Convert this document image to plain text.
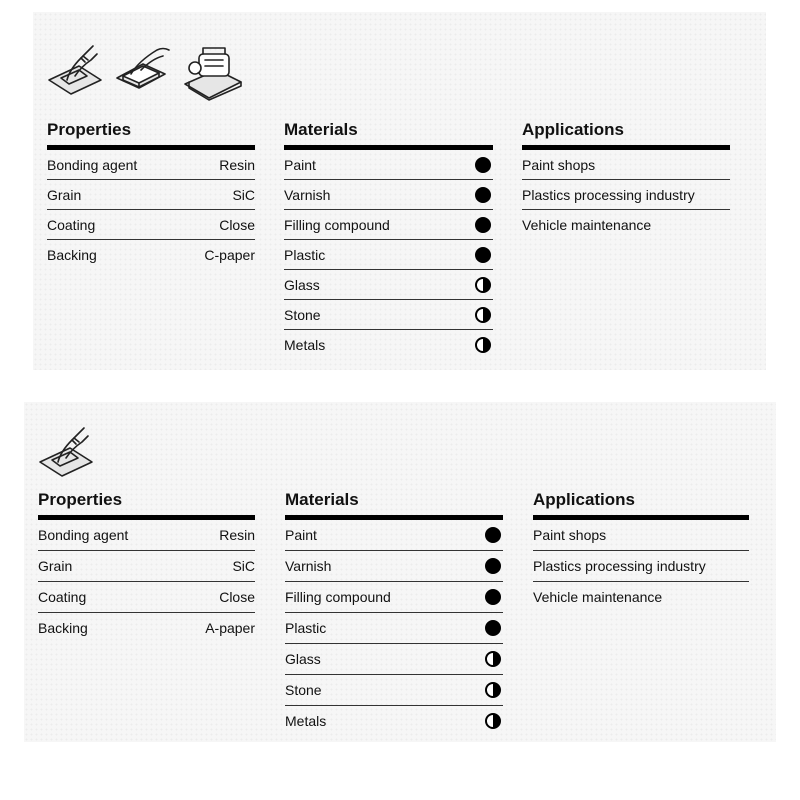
Properties
Bonding agent	Resin
Grain	SiC
Coating	Close
Backing	C-paper
Materials
Paint
Varnish
Filling compound
Plastic
Glass
Stone
Metals
Applications
Paint shops
Plastics processing industry
Vehicle maintenance
Properties
Bonding agent	Resin
Grain	SiC
Coating	Close
Backing	A-paper
Materials
Paint
Varnish
Filling compound
Plastic
Glass
Stone
Metals
Applications
Paint shops
Plastics processing industry
Vehicle maintenance
